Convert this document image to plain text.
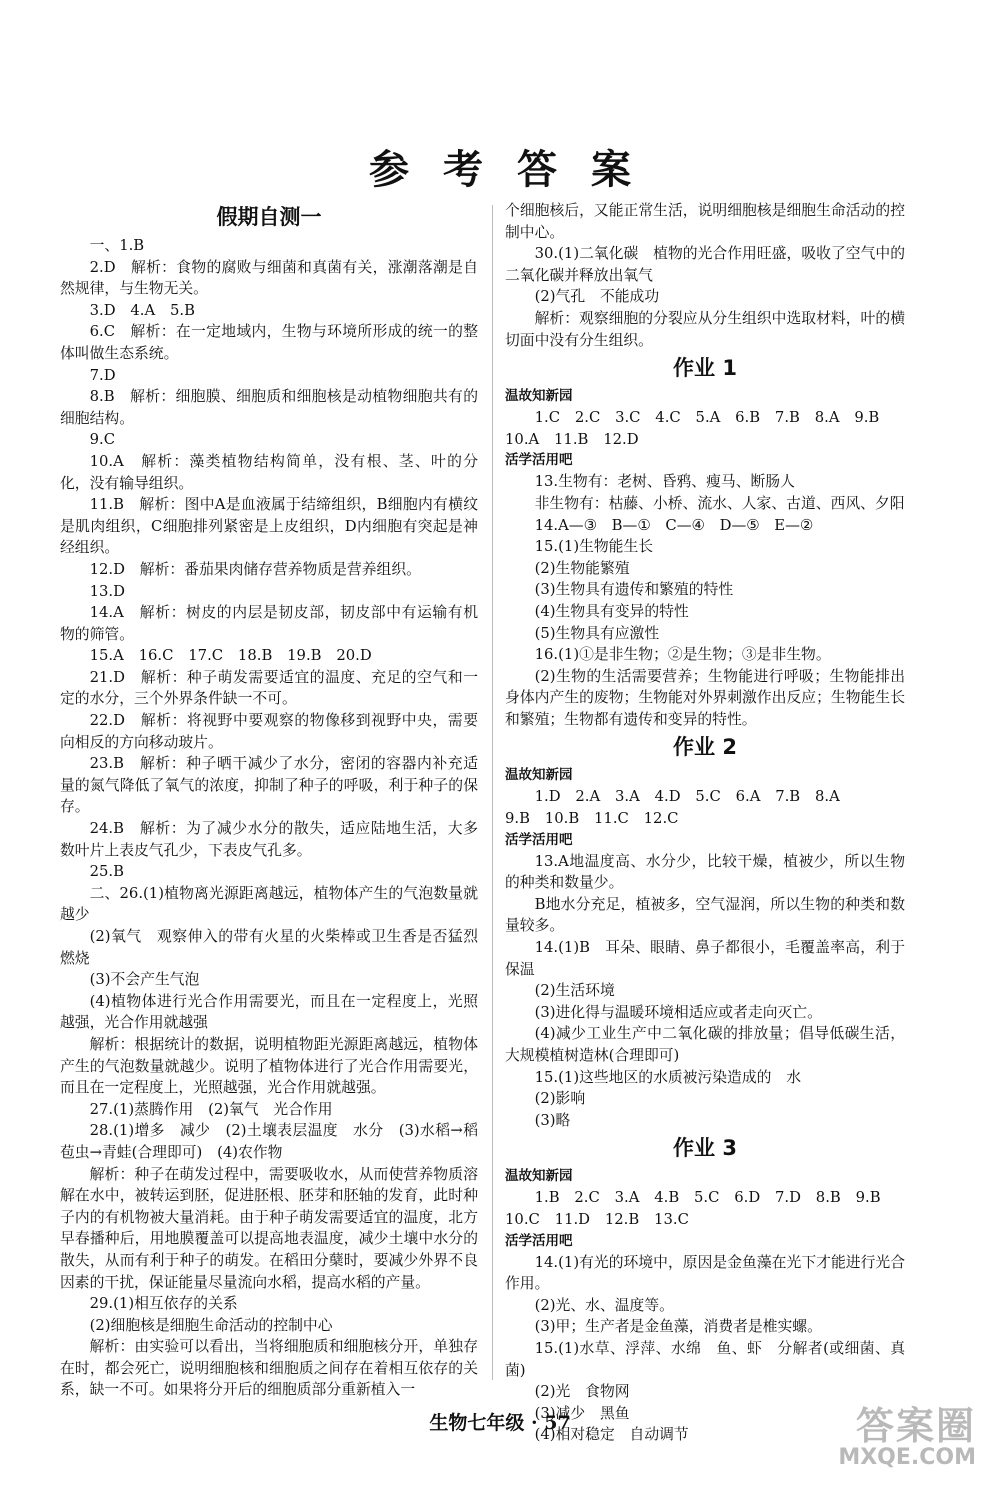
参考答案
假期自测一

一、1.B

2.D　解析：食物的腐败与细菌和真菌有关，涨潮落潮是自然规律，与生物无关。

3.D　4.A　5.B

6.C　解析：在一定地域内，生物与环境所形成的统一的整体叫做生态系统。

7.D

8.B　解析：细胞膜、细胞质和细胞核是动植物细胞共有的细胞结构。

9.C

10.A　解析：藻类植物结构简单，没有根、茎、叶的分化，没有输导组织。

11.B　解析：图中A是血液属于结缔组织，B细胞内有横纹是肌肉组织，C细胞排列紧密是上皮组织，D内细胞有突起是神经组织。

12.D　解析：番茄果肉储存营养物质是营养组织。

13.D

14.A　解析：树皮的内层是韧皮部，韧皮部中有运输有机物的筛管。

15.A　16.C　17.C　18.B　19.B　20.D

21.D　解析：种子萌发需要适宜的温度、充足的空气和一定的水分，三个外界条件缺一不可。

22.D　解析：将视野中要观察的物像移到视野中央，需要向相反的方向移动玻片。

23.B　解析：种子晒干减少了水分，密闭的容器内补充适量的氮气降低了氧气的浓度，抑制了种子的呼吸，利于种子的保存。

24.B　解析：为了减少水分的散失，适应陆地生活，大多数叶片上表皮气孔少，下表皮气孔多。

25.B

二、26.(1)植物离光源距离越远，植物体产生的气泡数量就越少

(2)氧气　观察伸入的带有火星的火柴棒或卫生香是否猛烈燃烧

(3)不会产生气泡

(4)植物体进行光合作用需要光，而且在一定程度上，光照越强，光合作用就越强

解析：根据统计的数据，说明植物距光源距离越远，植物体产生的气泡数量就越少。说明了植物体进行了光合作用需要光，而且在一定程度上，光照越强，光合作用就越强。

27.(1)蒸腾作用　(2)氧气　光合作用

28.(1)增多　减少　(2)土壤表层温度　水分　(3)水稻→稻苞虫→青蛙(合理即可)　(4)农作物

解析：种子在萌发过程中，需要吸收水，从而使营养物质溶解在水中，被转运到胚，促进胚根、胚芽和胚轴的发育，此时种子内的有机物被大量消耗。由于种子萌发需要适宜的温度，北方早春播种后，用地膜覆盖可以提高地表温度，减少土壤中水分的散失，从而有利于种子的萌发。在稻田分蘖时，要减少外界不良因素的干扰，保证能量尽量流向水稻，提高水稻的产量。

29.(1)相互依存的关系

(2)细胞核是细胞生命活动的控制中心

解析：由实验可以看出，当将细胞质和细胞核分开，单独存在时，都会死亡，说明细胞核和细胞质之间存在着相互依存的关系，缺一不可。如果将分开后的细胞质部分重新植入一

个细胞核后，又能正常生活，说明细胞核是细胞生命活动的控制中心。

30.(1)二氧化碳　植物的光合作用旺盛，吸收了空气中的二氧化碳并释放出氧气

(2)气孔　不能成功

解析：观察细胞的分裂应从分生组织中选取材料，叶的横切面中没有分生组织。

作业 1
温故知新园

1.C　2.C　3.C　4.C　5.A　6.B　7.B　8.A　9.B

10.A　11.B　12.D

活学活用吧

13.生物有：老树、昏鸦、瘦马、断肠人

非生物有：枯藤、小桥、流水、人家、古道、西风、夕阳

14.A—③　B—①　C—④　D—⑤　E—②

15.(1)生物能生长

(2)生物能繁殖

(3)生物具有遗传和繁殖的特性

(4)生物具有变异的特性

(5)生物具有应激性

16.(1)①是非生物；②是生物；③是非生物。

(2)生物的生活需要营养；生物能进行呼吸；生物能排出身体内产生的废物；生物能对外界刺激作出反应；生物能生长和繁殖；生物都有遗传和变异的特性。

作业 2
温故知新园

1.D　2.A　3.A　4.D　5.C　6.A　7.B　8.A

9.B　10.B　11.C　12.C

活学活用吧

13.A地温度高、水分少，比较干燥，植被少，所以生物的种类和数量少。

B地水分充足，植被多，空气湿润，所以生物的种类和数量较多。

14.(1)B　耳朵、眼睛、鼻子都很小，毛覆盖率高，利于保温

(2)生活环境

(3)进化得与温暖环境相适应或者走向灭亡。

(4)减少工业生产中二氧化碳的排放量；倡导低碳生活，大规模植树造林(合理即可)

15.(1)这些地区的水质被污染造成的　水

(2)影响

(3)略

作业 3
温故知新园

1.B　2.C　3.A　4.B　5.C　6.D　7.D　8.B　9.B

10.C　11.D　12.B　13.C

活学活用吧

14.(1)有光的环境中，原因是金鱼藻在光下才能进行光合作用。

(2)光、水、温度等。

(3)甲；生产者是金鱼藻，消费者是椎实螺。

15.(1)水草、浮萍、水绵　鱼、虾　分解者(或细菌、真菌)

(2)光　食物网

(3)减少　黑鱼

(4)相对稳定　自动调节

生物七年级 · 57	答案圈
MXQE.COM
